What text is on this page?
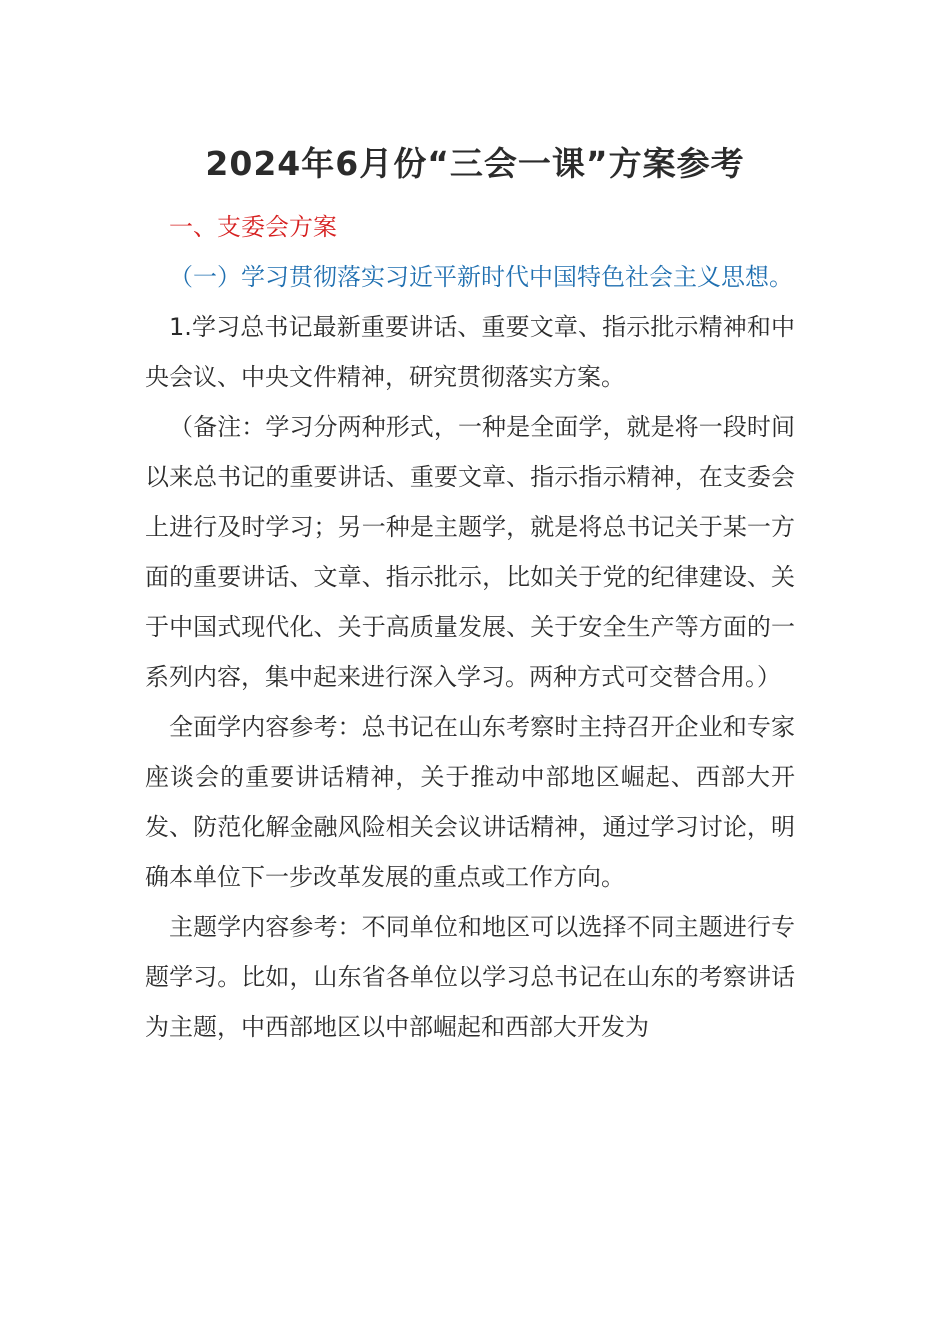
2024年6月份“三会一课”方案参考

一、支委会方案

（一）学习贯彻落实习近平新时代中国特色社会主义思想。

1.学习总书记最新重要讲话、重要文章、指示批示精神和中央会议、中央文件精神，研究贯彻落实方案。

（备注：学习分两种形式，一种是全面学，就是将一段时间以来总书记的重要讲话、重要文章、指示指示精神，在支委会上进行及时学习；另一种是主题学，就是将总书记关于某一方面的重要讲话、文章、指示批示，比如关于党的纪律建设、关于中国式现代化、关于高质量发展、关于安全生产等方面的一系列内容，集中起来进行深入学习。两种方式可交替合用。）

全面学内容参考：总书记在山东考察时主持召开企业和专家座谈会的重要讲话精神，关于推动中部地区崛起、西部大开发、防范化解金融风险相关会议讲话精神，通过学习讨论，明确本单位下一步改革发展的重点或工作方向。

主题学内容参考：不同单位和地区可以选择不同主题进行专题学习。比如，山东省各单位以学习总书记在山东的考察讲话为主题，中西部地区以中部崛起和西部大开发为
